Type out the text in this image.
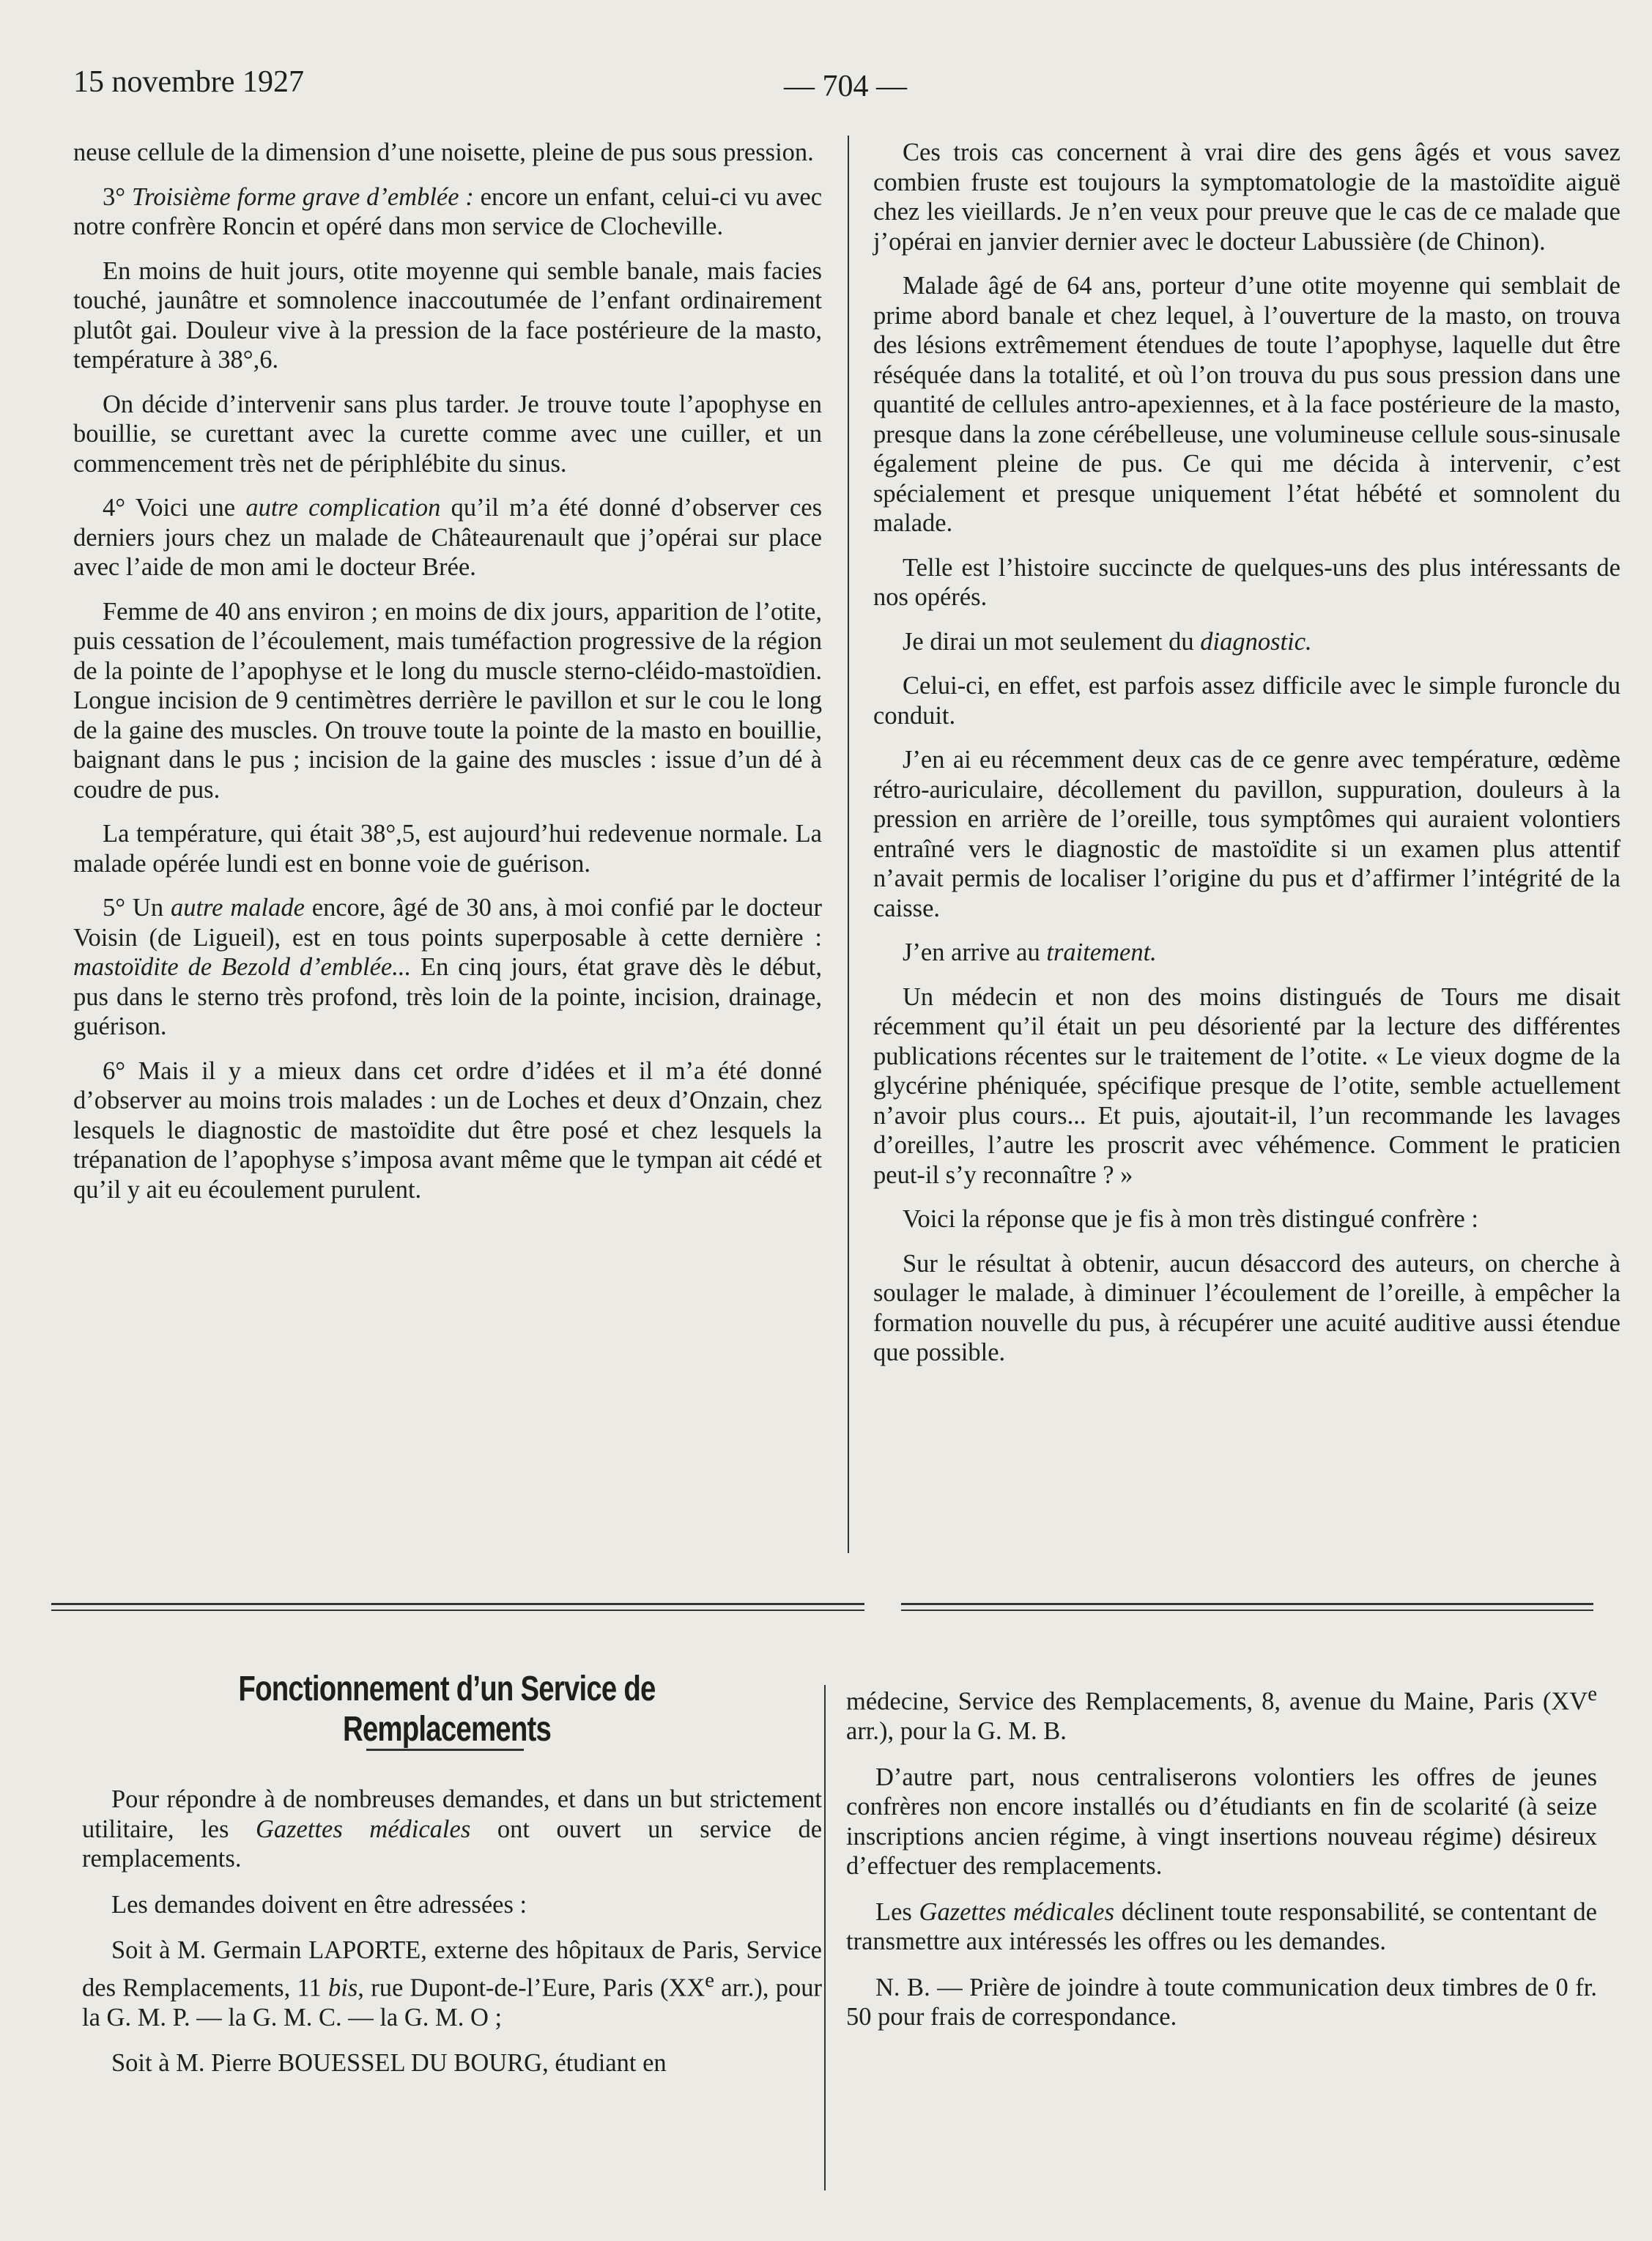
15 novembre 1927	— 704 —

neuse cellule de la dimension d’une noisette, pleine de pus sous pression.

3° Troisième forme grave d’emblée : encore un enfant, celui-ci vu avec notre confrère Roncin et opéré dans mon service de Clocheville.

En moins de huit jours, otite moyenne qui semble banale, mais facies touché, jaunâtre et somnolence inaccoutumée de l’enfant ordinairement plutôt gai. Douleur vive à la pression de la face postérieure de la masto, température à 38°,6.

On décide d’intervenir sans plus tarder. Je trouve toute l’apophyse en bouillie, se curettant avec la curette comme avec une cuiller, et un commencement très net de périphlébite du sinus.

4° Voici une autre complication qu’il m’a été donné d’observer ces derniers jours chez un malade de Châteaurenault que j’opérai sur place avec l’aide de mon ami le docteur Brée.

Femme de 40 ans environ ; en moins de dix jours, apparition de l’otite, puis cessation de l’écoulement, mais tuméfaction progressive de la région de la pointe de l’apophyse et le long du muscle sterno-cléido-mastoïdien. Longue incision de 9 centimètres derrière le pavillon et sur le cou le long de la gaine des muscles. On trouve toute la pointe de la masto en bouillie, baignant dans le pus ; incision de la gaine des muscles : issue d’un dé à coudre de pus.

La température, qui était 38°,5, est aujourd’hui redevenue normale. La malade opérée lundi est en bonne voie de guérison.

5° Un autre malade encore, âgé de 30 ans, à moi confié par le docteur Voisin (de Ligueil), est en tous points superposable à cette dernière : mastoïdite de Bezold d’emblée... En cinq jours, état grave dès le début, pus dans le sterno très profond, très loin de la pointe, incision, drainage, guérison.

6° Mais il y a mieux dans cet ordre d’idées et il m’a été donné d’observer au moins trois malades : un de Loches et deux d’Onzain, chez lesquels le diagnostic de mastoïdite dut être posé et chez lesquels la trépanation de l’apophyse s’imposa avant même que le tympan ait cédé et qu’il y ait eu écoulement purulent.

Ces trois cas concernent à vrai dire des gens âgés et vous savez combien fruste est toujours la symptomatologie de la mastoïdite aiguë chez les vieillards. Je n’en veux pour preuve que le cas de ce malade que j’opérai en janvier dernier avec le docteur Labussière (de Chinon).

Malade âgé de 64 ans, porteur d’une otite moyenne qui semblait de prime abord banale et chez lequel, à l’ouverture de la masto, on trouva des lésions extrêmement étendues de toute l’apophyse, laquelle dut être réséquée dans la totalité, et où l’on trouva du pus sous pression dans une quantité de cellules antro-apexiennes, et à la face postérieure de la masto, presque dans la zone cérébelleuse, une volumineuse cellule sous-sinusale également pleine de pus. Ce qui me décida à intervenir, c’est spécialement et presque uniquement l’état hébété et somnolent du malade.

Telle est l’histoire succincte de quelques-uns des plus intéressants de nos opérés.

Je dirai un mot seulement du diagnostic.

Celui-ci, en effet, est parfois assez difficile avec le simple furoncle du conduit.

J’en ai eu récemment deux cas de ce genre avec température, œdème rétro-auriculaire, décollement du pavillon, suppuration, douleurs à la pression en arrière de l’oreille, tous symptômes qui auraient volontiers entraîné vers le diagnostic de mastoïdite si un examen plus attentif n’avait permis de localiser l’origine du pus et d’affirmer l’intégrité de la caisse.

J’en arrive au traitement.

Un médecin et non des moins distingués de Tours me disait récemment qu’il était un peu désorienté par la lecture des différentes publications récentes sur le traitement de l’otite. « Le vieux dogme de la glycérine phéniquée, spécifique presque de l’otite, semble actuellement n’avoir plus cours... Et puis, ajoutait-il, l’un recommande les lavages d’oreilles, l’autre les proscrit avec véhémence. Comment le praticien peut-il s’y reconnaître ? »

Voici la réponse que je fis à mon très distingué confrère :

Sur le résultat à obtenir, aucun désaccord des auteurs, on cherche à soulager le malade, à diminuer l’écoulement de l’oreille, à empêcher la formation nouvelle du pus, à récupérer une acuité auditive aussi étendue que possible.

Fonctionnement d’un Service de Remplacements

Pour répondre à de nombreuses demandes, et dans un but strictement utilitaire, les Gazettes médicales ont ouvert un service de remplacements.

Les demandes doivent en être adressées :

Soit à M. Germain LAPORTE, externe des hôpitaux de Paris, Service des Remplacements, 11 bis, rue Dupont-de-l’Eure, Paris (XXe arr.), pour la G. M. P. — la G. M. C. — la G. M. O ;

Soit à M. Pierre BOUESSEL DU BOURG, étudiant en

médecine, Service des Remplacements, 8, avenue du Maine, Paris (XVe arr.), pour la G. M. B.

D’autre part, nous centraliserons volontiers les offres de jeunes confrères non encore installés ou d’étudiants en fin de scolarité (à seize inscriptions ancien régime, à vingt insertions nouveau régime) désireux d’effectuer des remplacements.

Les Gazettes médicales déclinent toute responsabilité, se contentant de transmettre aux intéressés les offres ou les demandes.

N. B. — Prière de joindre à toute communication deux timbres de 0 fr. 50 pour frais de correspondance.
